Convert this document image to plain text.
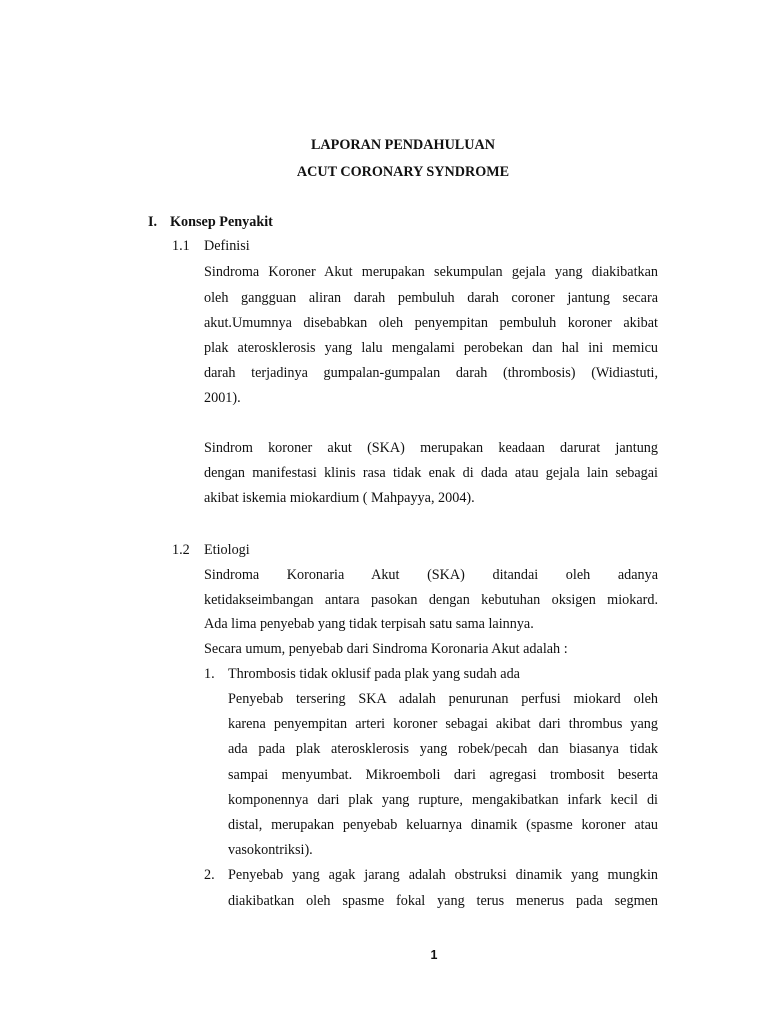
LAPORAN PENDAHULUAN
ACUT CORONARY SYNDROME
I. Konsep Penyakit
1.1 Definisi
Sindroma Koroner Akut merupakan sekumpulan gejala yang diakibatkan
oleh gangguan aliran darah pembuluh darah coroner jantung secara
akut.Umumnya disebabkan oleh penyempitan pembuluh koroner akibat
plak aterosklerosis yang lalu mengalami perobekan dan hal ini memicu
darah terjadinya gumpalan-gumpalan darah (thrombosis) (Widiastuti,
2001).
Sindrom koroner akut (SKA) merupakan keadaan darurat jantung
dengan manifestasi klinis rasa tidak enak di dada atau gejala lain sebagai
akibat iskemia miokardium ( Mahpayya, 2004).
1.2 Etiologi
Sindroma Koronaria Akut (SKA) ditandai oleh adanya
ketidakseimbangan antara pasokan dengan kebutuhan oksigen miokard.
Ada lima penyebab yang tidak terpisah satu sama lainnya.
Secara umum, penyebab dari Sindroma Koronaria Akut adalah :
1. Thrombosis tidak oklusif pada plak yang sudah ada
Penyebab tersering SKA adalah penurunan perfusi miokard oleh
karena penyempitan arteri koroner sebagai akibat dari thrombus yang
ada pada plak aterosklerosis yang robek/pecah dan biasanya tidak
sampai menyumbat. Mikroemboli dari agregasi trombosit beserta
komponennya dari plak yang rupture, mengakibatkan infark kecil di
distal, merupakan penyebab keluarnya dinamik (spasme koroner atau
vasokontriksi).
2. Penyebab yang agak jarang adalah obstruksi dinamik yang mungkin
diakibatkan oleh spasme fokal yang terus menerus pada segmen
1
